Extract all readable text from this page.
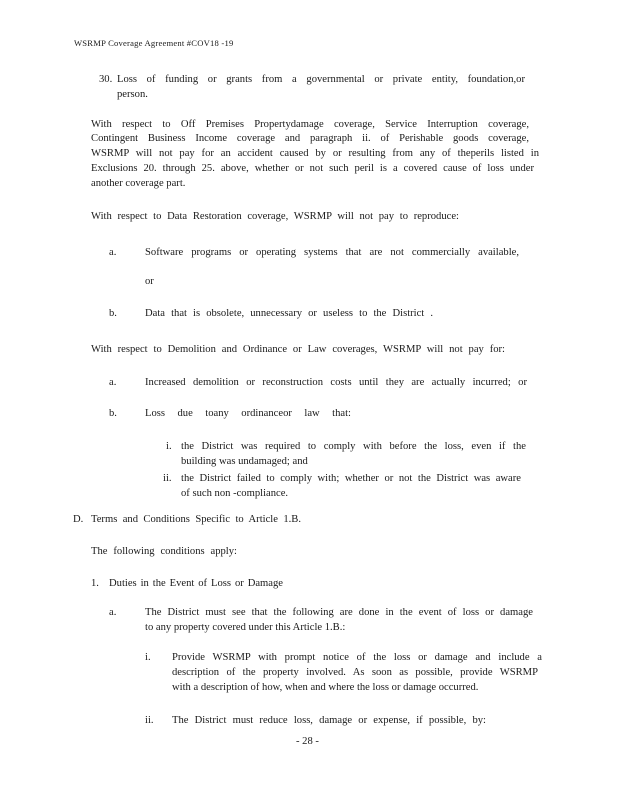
WSRMP Coverage Agreement #COV18 -19
30. Loss of funding or grants from a governmental or private entity, foundation,or
person.
With respect to Off Premises Propertydamage coverage, Service Interruption coverage,
Contingent Business Income coverage and paragraph ii. of Perishable goods coverage,
WSRMP will not pay for an accident caused by or resulting from any of theperils listed in
Exclusions 20. through 25. above, whether or not such peril is a covered cause of loss under
another coverage part.
With respect to Data Restoration coverage, WSRMP will not pay to reproduce:
a.	Software programs or operating systems that are not commercially available,
or
b.	Data that is obsolete, unnecessary or useless to the District .
With respect to Demolition and Ordinance or Law coverages, WSRMP will not pay for:
a.	Increased demolition or reconstruction costs until they are actually incurred; or
b.	Loss due toany ordinanceor law that:
i. the District was required to comply with before the loss, even if the
building was undamaged; and
ii. the District failed to comply with; whether or not the District was aware
of such non -compliance.
D. Terms and Conditions Specific to Article 1.B.
The following conditions apply:
1. Duties in the Event of Loss or Damage
a.	The District must see that the following are done in the event of loss or damage
to any property covered under this Article 1.B.:
i. Provide WSRMP with prompt notice of the loss or damage and include a
description of the property involved. As soon as possible, provide WSRMP
with a description of how, when and where the loss or damage occurred.
ii. The District must reduce loss, damage or expense, if possible, by:
- 28 -
